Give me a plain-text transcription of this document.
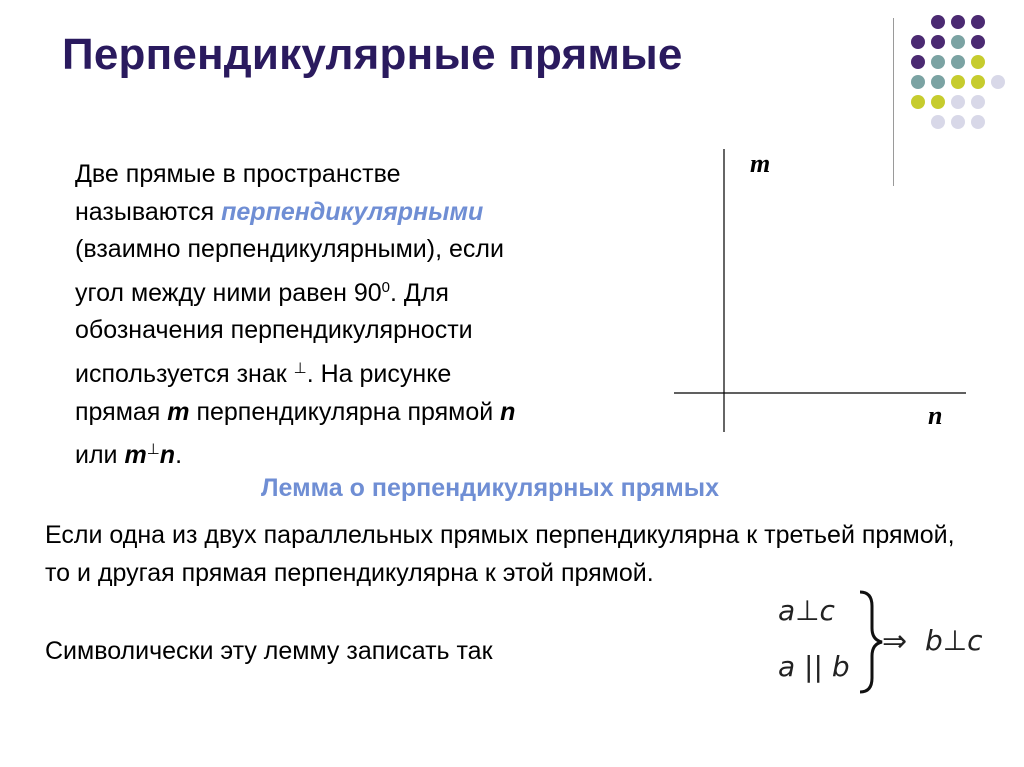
Перпендикулярные прямые
Две прямые в пространстве
называются перпендикулярными
(взаимно перпендикулярными), если
угол между ними равен $90^0$. Для
обозначения перпендикулярности
используется знак ⊥. На рисунке
прямая m перпендикулярна прямой n
или m⊥n.
m
n
Лемма о перпендикулярных прямых
Если одна из двух параллельных прямых перпендикулярна к третьей прямой, то и другая прямая перпендикулярна к этой прямой.
Символически эту лемму записать так
a⊥c
a || b
⇒ b⊥c
